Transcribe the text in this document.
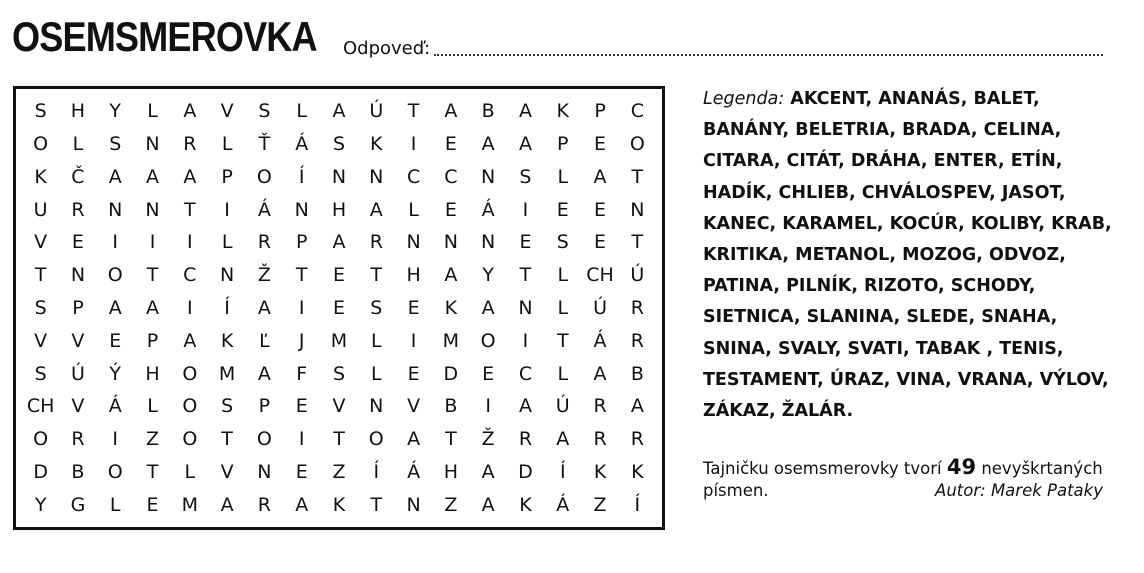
OSEMSMEROVKA Odpoveď:
S	H	Y	L	A	V	S	L	A	Ú	T	A	B	A	K	P	C
O	L	S	N	R	L	Ť	Á	S	K	I	E	A	A	P	E	O
K	Č	A	A	A	P	O	Í	N	N	C	C	N	S	L	A	T
U	R	N	N	T	I	Á	N	H	A	L	E	Á	I	E	E	N
V	E	I	I	I	L	R	P	A	R	N	N	N	E	S	E	T
T	N	O	T	C	N	Ž	T	E	T	H	A	Y	T	L CH Ú
S	P	A	A	I	Í	A	I	E	S	E	K	A	N	L	Ú	R
V	V	E	P	A	K	Ľ	J	M	L	I	M	O	I	T	Á	R
S	Ú	Ý	H	O	M	A	F	S	L	E	D	E	C	L	A	B
CH V	Á	L	O	S	P	E	V	N	V	B	I	A	Ú	R	A
O	R	I	Z	O	T	O	I	T	O	A	T	Ž	R	A	R	R
D	B	O	T	L	V	N	E	Z	Í	Á	H	A	D	Í	K	K
Y	G	L	E	M	A	R	A	K	T	N	Z	A	K	Á	Z	Í
Legenda: AKCENT, ANANÁS, BALET,
BANÁNY, BELETRIA, BRADA, CELINA,
CITARA, CITÁT, DRÁHA, ENTER, ETÍN,
HADÍK, CHLIEB, CHVÁLOSPEV, JASOT,
KANEC, KARAMEL, KOCÚR, KOLIBY, KRAB,
KRITIKA, METANOL, MOZOG, ODVOZ,
PATINA, PILNÍK, RIZOTO, SCHODY,
SIETNICA, SLANINA, SLEDE, SNAHA,
SNINA, SVALY, SVATI, TABAK , TENIS,
TESTAMENT, ÚRAZ, VINA, VRANA, VÝLOV,
ZÁKAZ, ŽALÁR.
Tajničku osemsmerovky tvorí 49 nevyškrtaných
písmen.	Autor: Marek Pataky
